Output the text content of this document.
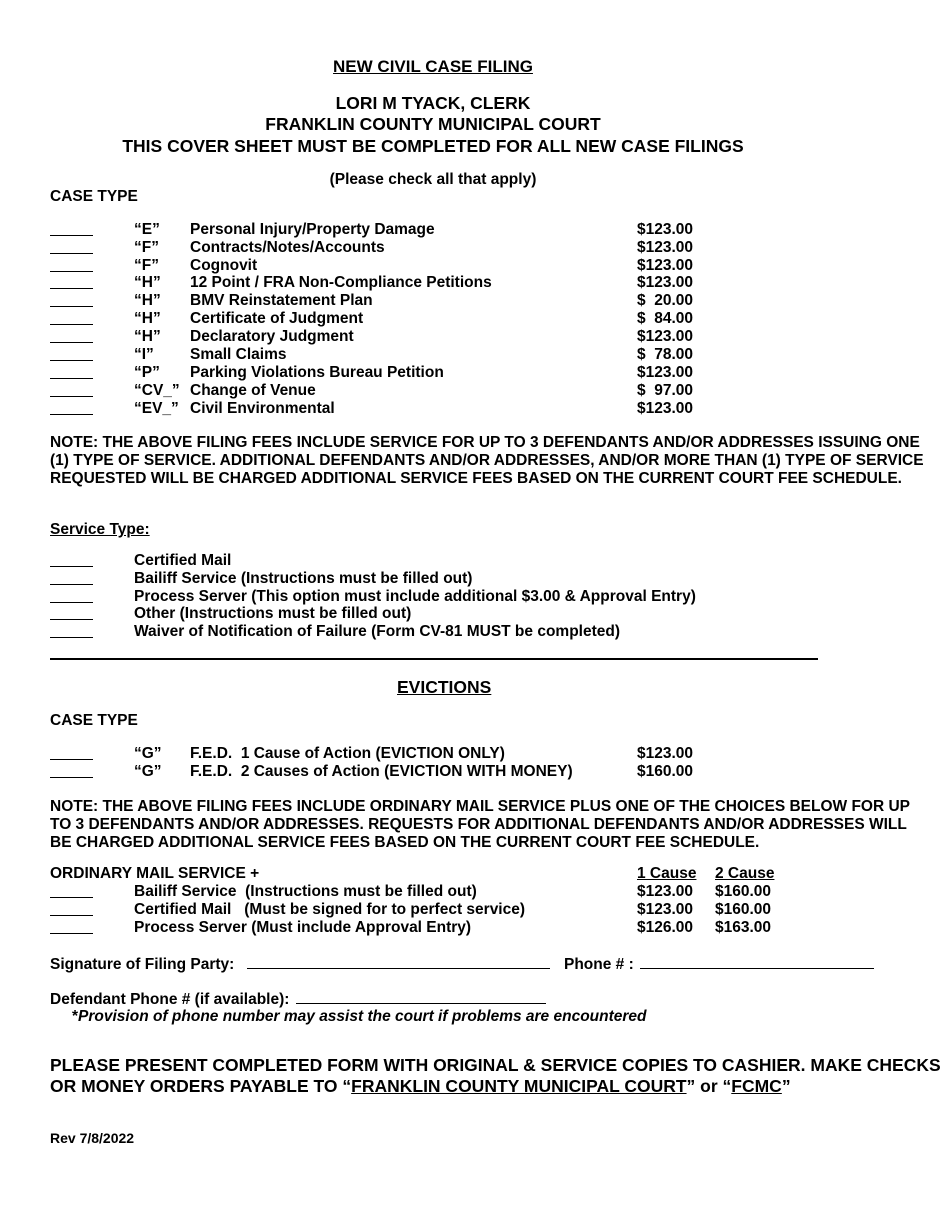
NEW CIVIL CASE FILING
LORI M TYACK, CLERK
FRANKLIN COUNTY MUNICIPAL COURT
THIS COVER SHEET MUST BE COMPLETED FOR ALL NEW CASE FILINGS
(Please check all that apply)
CASE TYPE
“E” Personal Injury/Property Damage	$123.00
“F” Contracts/Notes/Accounts	$123.00
“F” Cognovit	$123.00
“H” 12 Point / FRA Non-Compliance Petitions	$123.00
“H” BMV Reinstatement Plan	$  20.00
“H” Certificate of Judgment	$  84.00
“H” Declaratory Judgment	$123.00
“I” Small Claims	$  78.00
“P” Parking Violations Bureau Petition	$123.00
“CV_” Change of Venue	$  97.00
“EV_” Civil Environmental	$123.00
NOTE: THE ABOVE FILING FEES INCLUDE SERVICE FOR UP TO 3 DEFENDANTS AND/OR ADDRESSES ISSUING ONE (1) TYPE OF SERVICE. ADDITIONAL DEFENDANTS AND/OR ADDRESSES, AND/OR MORE THAN (1) TYPE OF SERVICE REQUESTED WILL BE CHARGED ADDITIONAL SERVICE FEES BASED ON THE CURRENT COURT FEE SCHEDULE.
Service Type:
Certified Mail
Bailiff Service (Instructions must be filled out)
Process Server (This option must include additional $3.00 & Approval Entry)
Other (Instructions must be filled out)
Waiver of Notification of Failure (Form CV-81 MUST be completed)
EVICTIONS
CASE TYPE
“G” F.E.D.  1 Cause of Action (EVICTION ONLY)	$123.00
“G” F.E.D.  2 Causes of Action (EVICTION WITH MONEY)	$160.00
NOTE: THE ABOVE FILING FEES INCLUDE ORDINARY MAIL SERVICE PLUS ONE OF THE CHOICES BELOW FOR UP TO 3 DEFENDANTS AND/OR ADDRESSES. REQUESTS FOR ADDITIONAL DEFENDANTS AND/OR ADDRESSES WILL BE CHARGED ADDITIONAL SERVICE FEES BASED ON THE CURRENT COURT FEE SCHEDULE.
ORDINARY MAIL SERVICE +	1 Cause 2 Cause
Bailiff Service  (Instructions must be filled out)	$123.00 $160.00
Certified Mail   (Must be signed for to perfect service)	$123.00 $160.00
Process Server (Must include Approval Entry)	$126.00 $163.00
Signature of Filing Party:	Phone # :
Defendant Phone # (if available):
*Provision of phone number may assist the court if problems are encountered
PLEASE PRESENT COMPLETED FORM WITH ORIGINAL & SERVICE COPIES TO CASHIER. MAKE CHECKS
OR MONEY ORDERS PAYABLE TO “FRANKLIN COUNTY MUNICIPAL COURT” or “FCMC”
Rev 7/8/2022
